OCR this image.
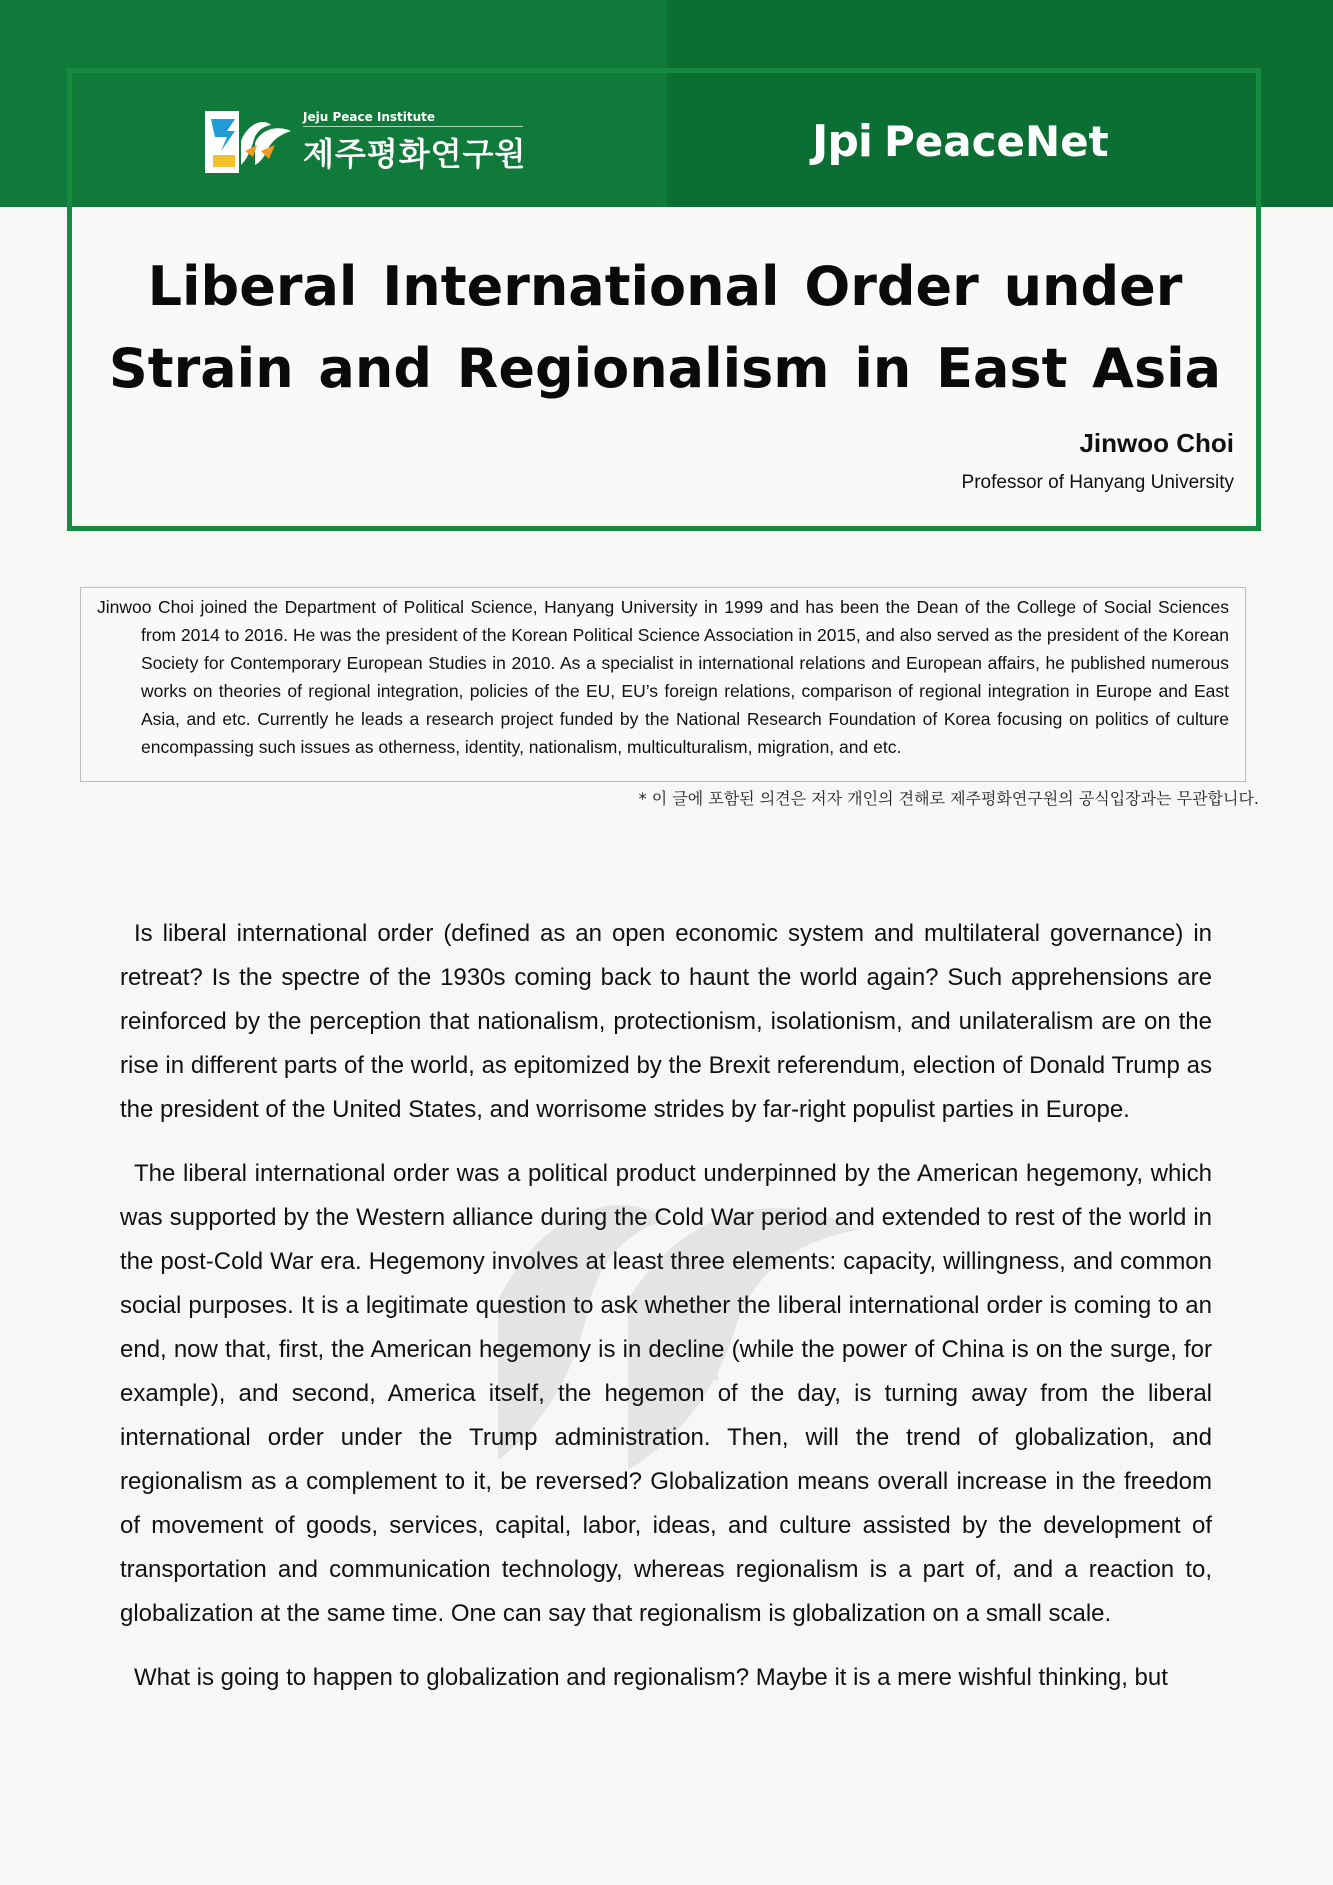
Jeju Peace Institute
제주평화연구원	Jpi PeaceNet
Liberal International Order under
Strain and Regionalism in East Asia
Jinwoo Choi
Professor of Hanyang University

Jinwoo Choi joined the Department of Political Science, Hanyang University in 1999 and has been the Dean of the College of Social Sciences from 2014 to 2016. He was the president of the Korean Political Science Association in 2015, and also served as the president of the Korean Society for Contemporary European Studies in 2010. As a specialist in international relations and European affairs, he published numerous works on theories of regional integration, policies of the EU, EU’s foreign relations, comparison of regional integration in Europe and East Asia, and etc. Currently he leads a research project funded by the National Research Foundation of Korea focusing on politics of culture encompassing such issues as otherness, identity, nationalism, multiculturalism, migration, and etc.

* 이 글에 포함된 의견은 저자 개인의 견해로 제주평화연구원의 공식입장과는 무관합니다.

Is liberal international order (defined as an open economic system and multilateral governance) in retreat? Is the spectre of the 1930s coming back to haunt the world again? Such apprehensions are reinforced by the perception that nationalism, protectionism, isolationism, and unilateralism are on the rise in different parts of the world, as epitomized by the Brexit referendum, election of Donald Trump as the president of the United States, and worrisome strides by far-right populist parties in Europe.

The liberal international order was a political product underpinned by the American hegemony, which was supported by the Western alliance during the Cold War period and extended to rest of the world in the post-Cold War era. Hegemony involves at least three elements: capacity, willingness, and common social purposes. It is a legitimate question to ask whether the liberal international order is coming to an end, now that, first, the American hegemony is in decline (while the power of China is on the surge, for example), and second, America itself, the hegemon of the day, is turning away from the liberal international order under the Trump administration. Then, will the trend of globalization, and regionalism as a complement to it, be reversed? Globalization means overall increase in the freedom of movement of goods, services, capital, labor, ideas, and culture assisted by the development of transportation and communication technology, whereas regionalism is a part of, and a reaction to, globalization at the same time. One can say that regionalism is globalization on a small scale.

What is going to happen to globalization and regionalism? Maybe it is a mere wishful thinking, but
